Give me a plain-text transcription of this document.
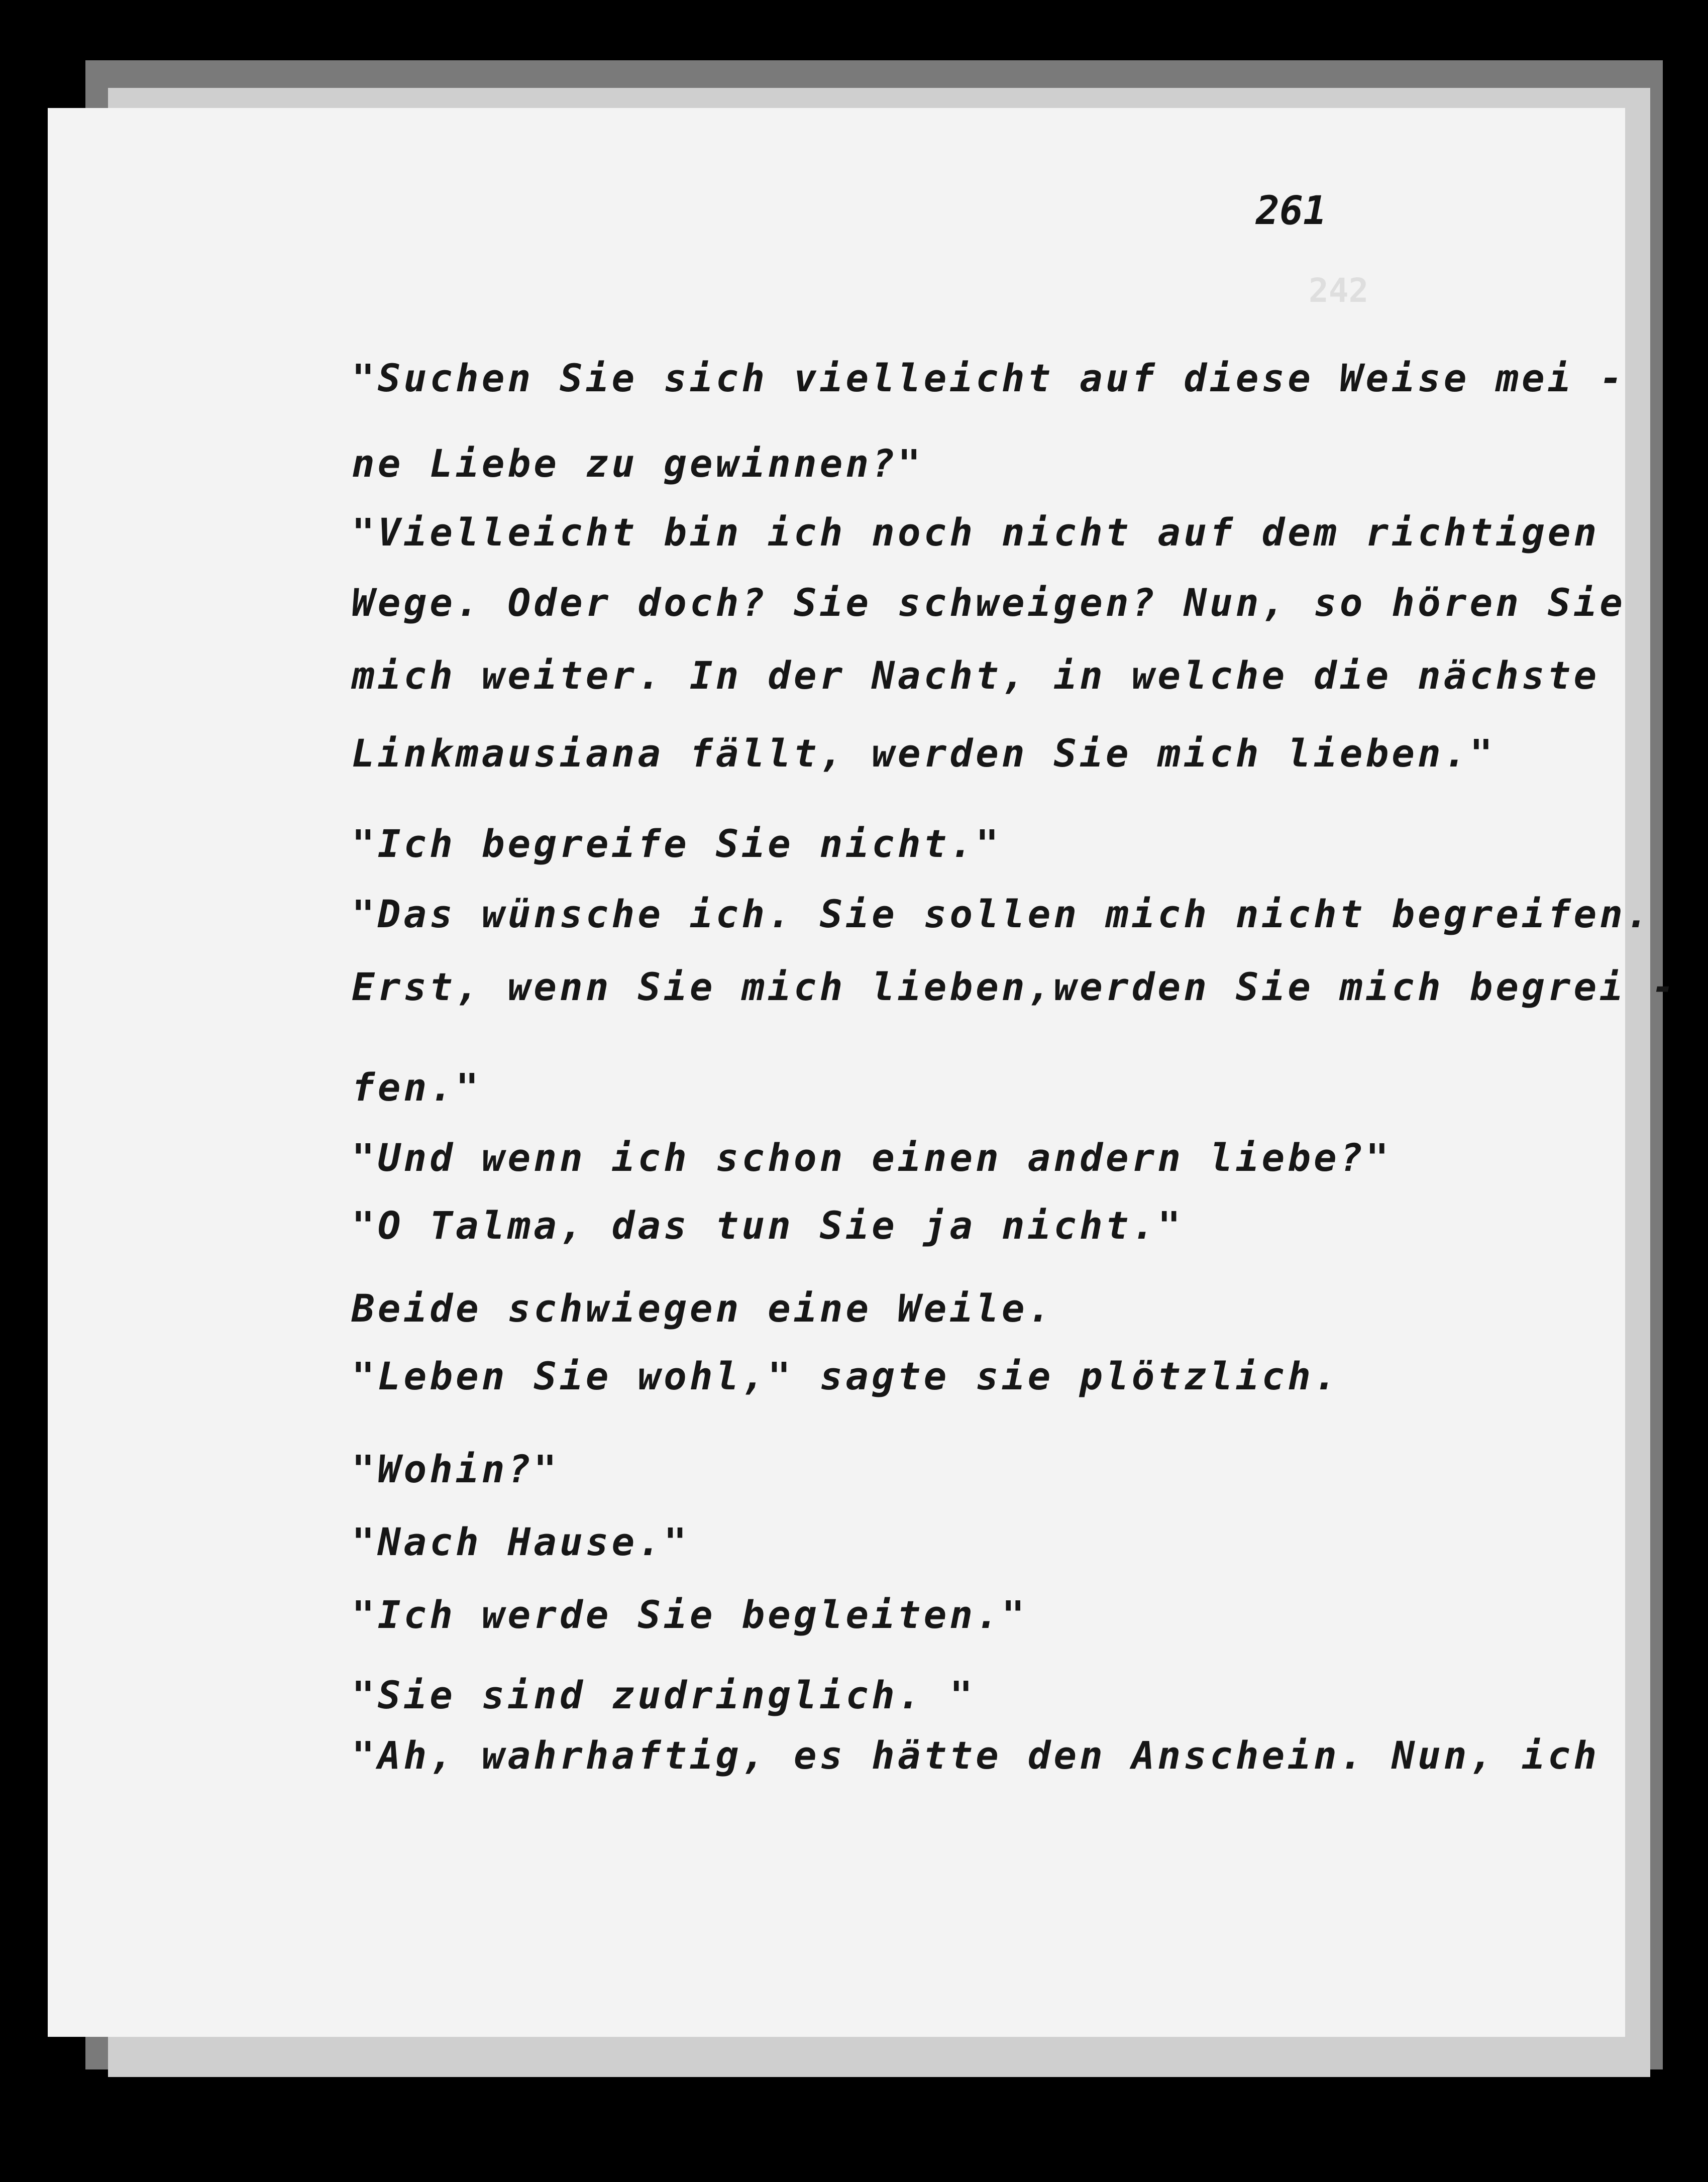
242
261
"Suchen Sie sich vielleicht auf diese Weise mei -
ne Liebe zu gewinnen?"
"Vielleicht bin ich noch nicht auf dem richtigen
Wege. Oder doch? Sie schweigen? Nun, so hören Sie
mich weiter. In der Nacht, in welche die nächste
Linkmausiana fällt, werden Sie mich lieben."
"Ich begreife Sie nicht."
"Das wünsche ich. Sie sollen mich nicht begreifen.
Erst, wenn Sie mich lieben,werden Sie mich begrei -
fen."
"Und wenn ich schon einen andern liebe?"
"O Talma, das tun Sie ja nicht."
Beide schwiegen eine Weile.
"Leben Sie wohl," sagte sie plötzlich.
"Wohin?"
"Nach Hause."
"Ich werde Sie begleiten."
"Sie sind zudringlich. "
"Ah, wahrhaftig, es hätte den Anschein. Nun, ich
